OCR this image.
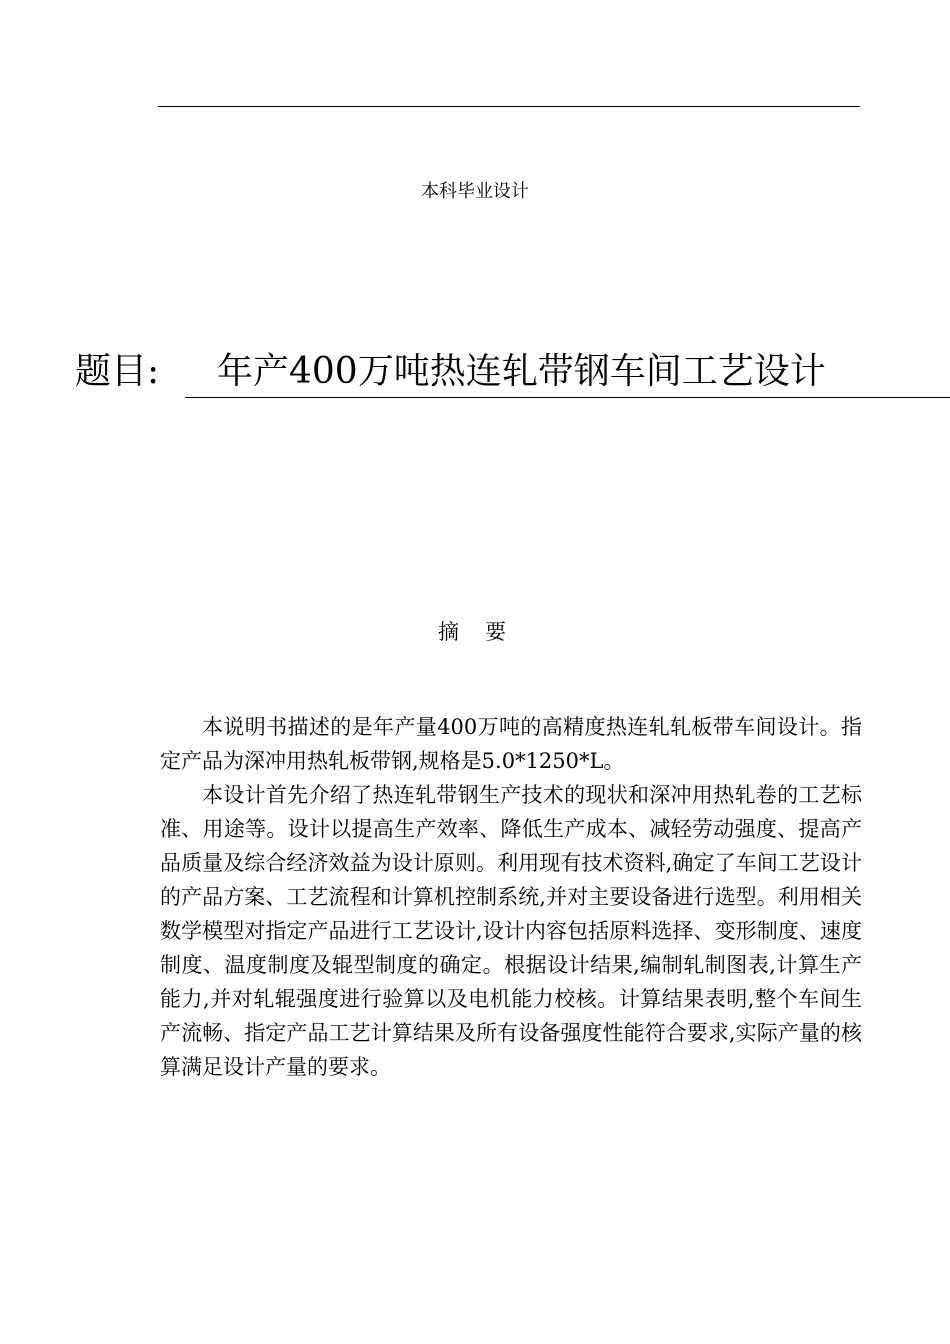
本科毕业设计
题目: 年产400万吨热连轧带钢车间工艺设计
摘要

本说明书描述的是年产量400万吨的高精度热连轧轧板带车间设计。指定产品为深冲用热轧板带钢,规格是5.0*1250*L。

本设计首先介绍了热连轧带钢生产技术的现状和深冲用热轧卷的工艺标准、用途等。设计以提高生产效率、降低生产成本、减轻劳动强度、提高产品质量及综合经济效益为设计原则。利用现有技术资料,确定了车间工艺设计的产品方案、工艺流程和计算机控制系统,并对主要设备进行选型。利用相关数学模型对指定产品进行工艺设计,设计内容包括原料选择、变形制度、速度制度、温度制度及辊型制度的确定。根据设计结果,编制轧制图表,计算生产能力,并对轧辊强度进行验算以及电机能力校核。计算结果表明,整个车间生产流畅、指定产品工艺计算结果及所有设备强度性能符合要求,实际产量的核算满足设计产量的要求。
